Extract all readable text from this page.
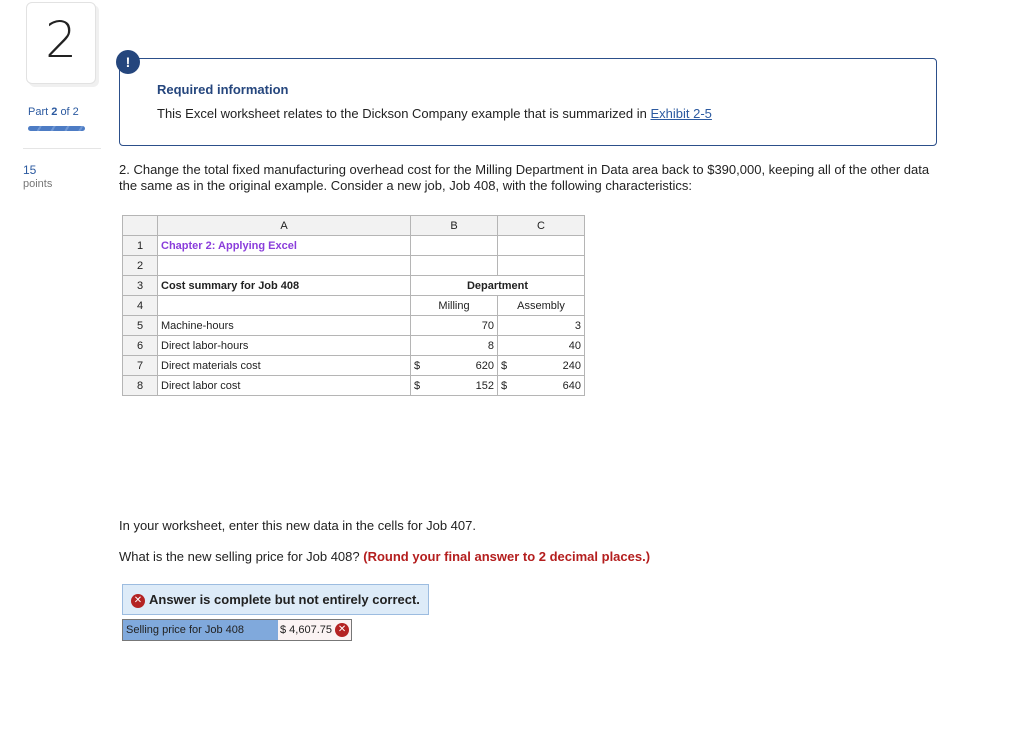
2
Part 2 of 2
15
points
!
Required information
This Excel worksheet relates to the Dickson Company example that is summarized in Exhibit 2-5
2. Change the total fixed manufacturing overhead cost for the Milling Department in Data area back to $390,000, keeping all of the other data the same as in the original example. Consider a new job, Job 408, with the following characteristics:
	A	B	C
1	Chapter 2: Applying Excel		
2			
3	Cost summary for Job 408	Department	
4		Milling	Assembly
5	Machine-hours	70	3
6	Direct labor-hours	8	40
7	Direct materials cost	$ 620	$ 240
8	Direct labor cost	$ 152	$ 640
In your worksheet, enter this new data in the cells for Job 407.
What is the new selling price for Job 408? (Round your final answer to 2 decimal places.)
✕ Answer is complete but not entirely correct.
Selling price for Job 408	$ 4,607.75 ✕
